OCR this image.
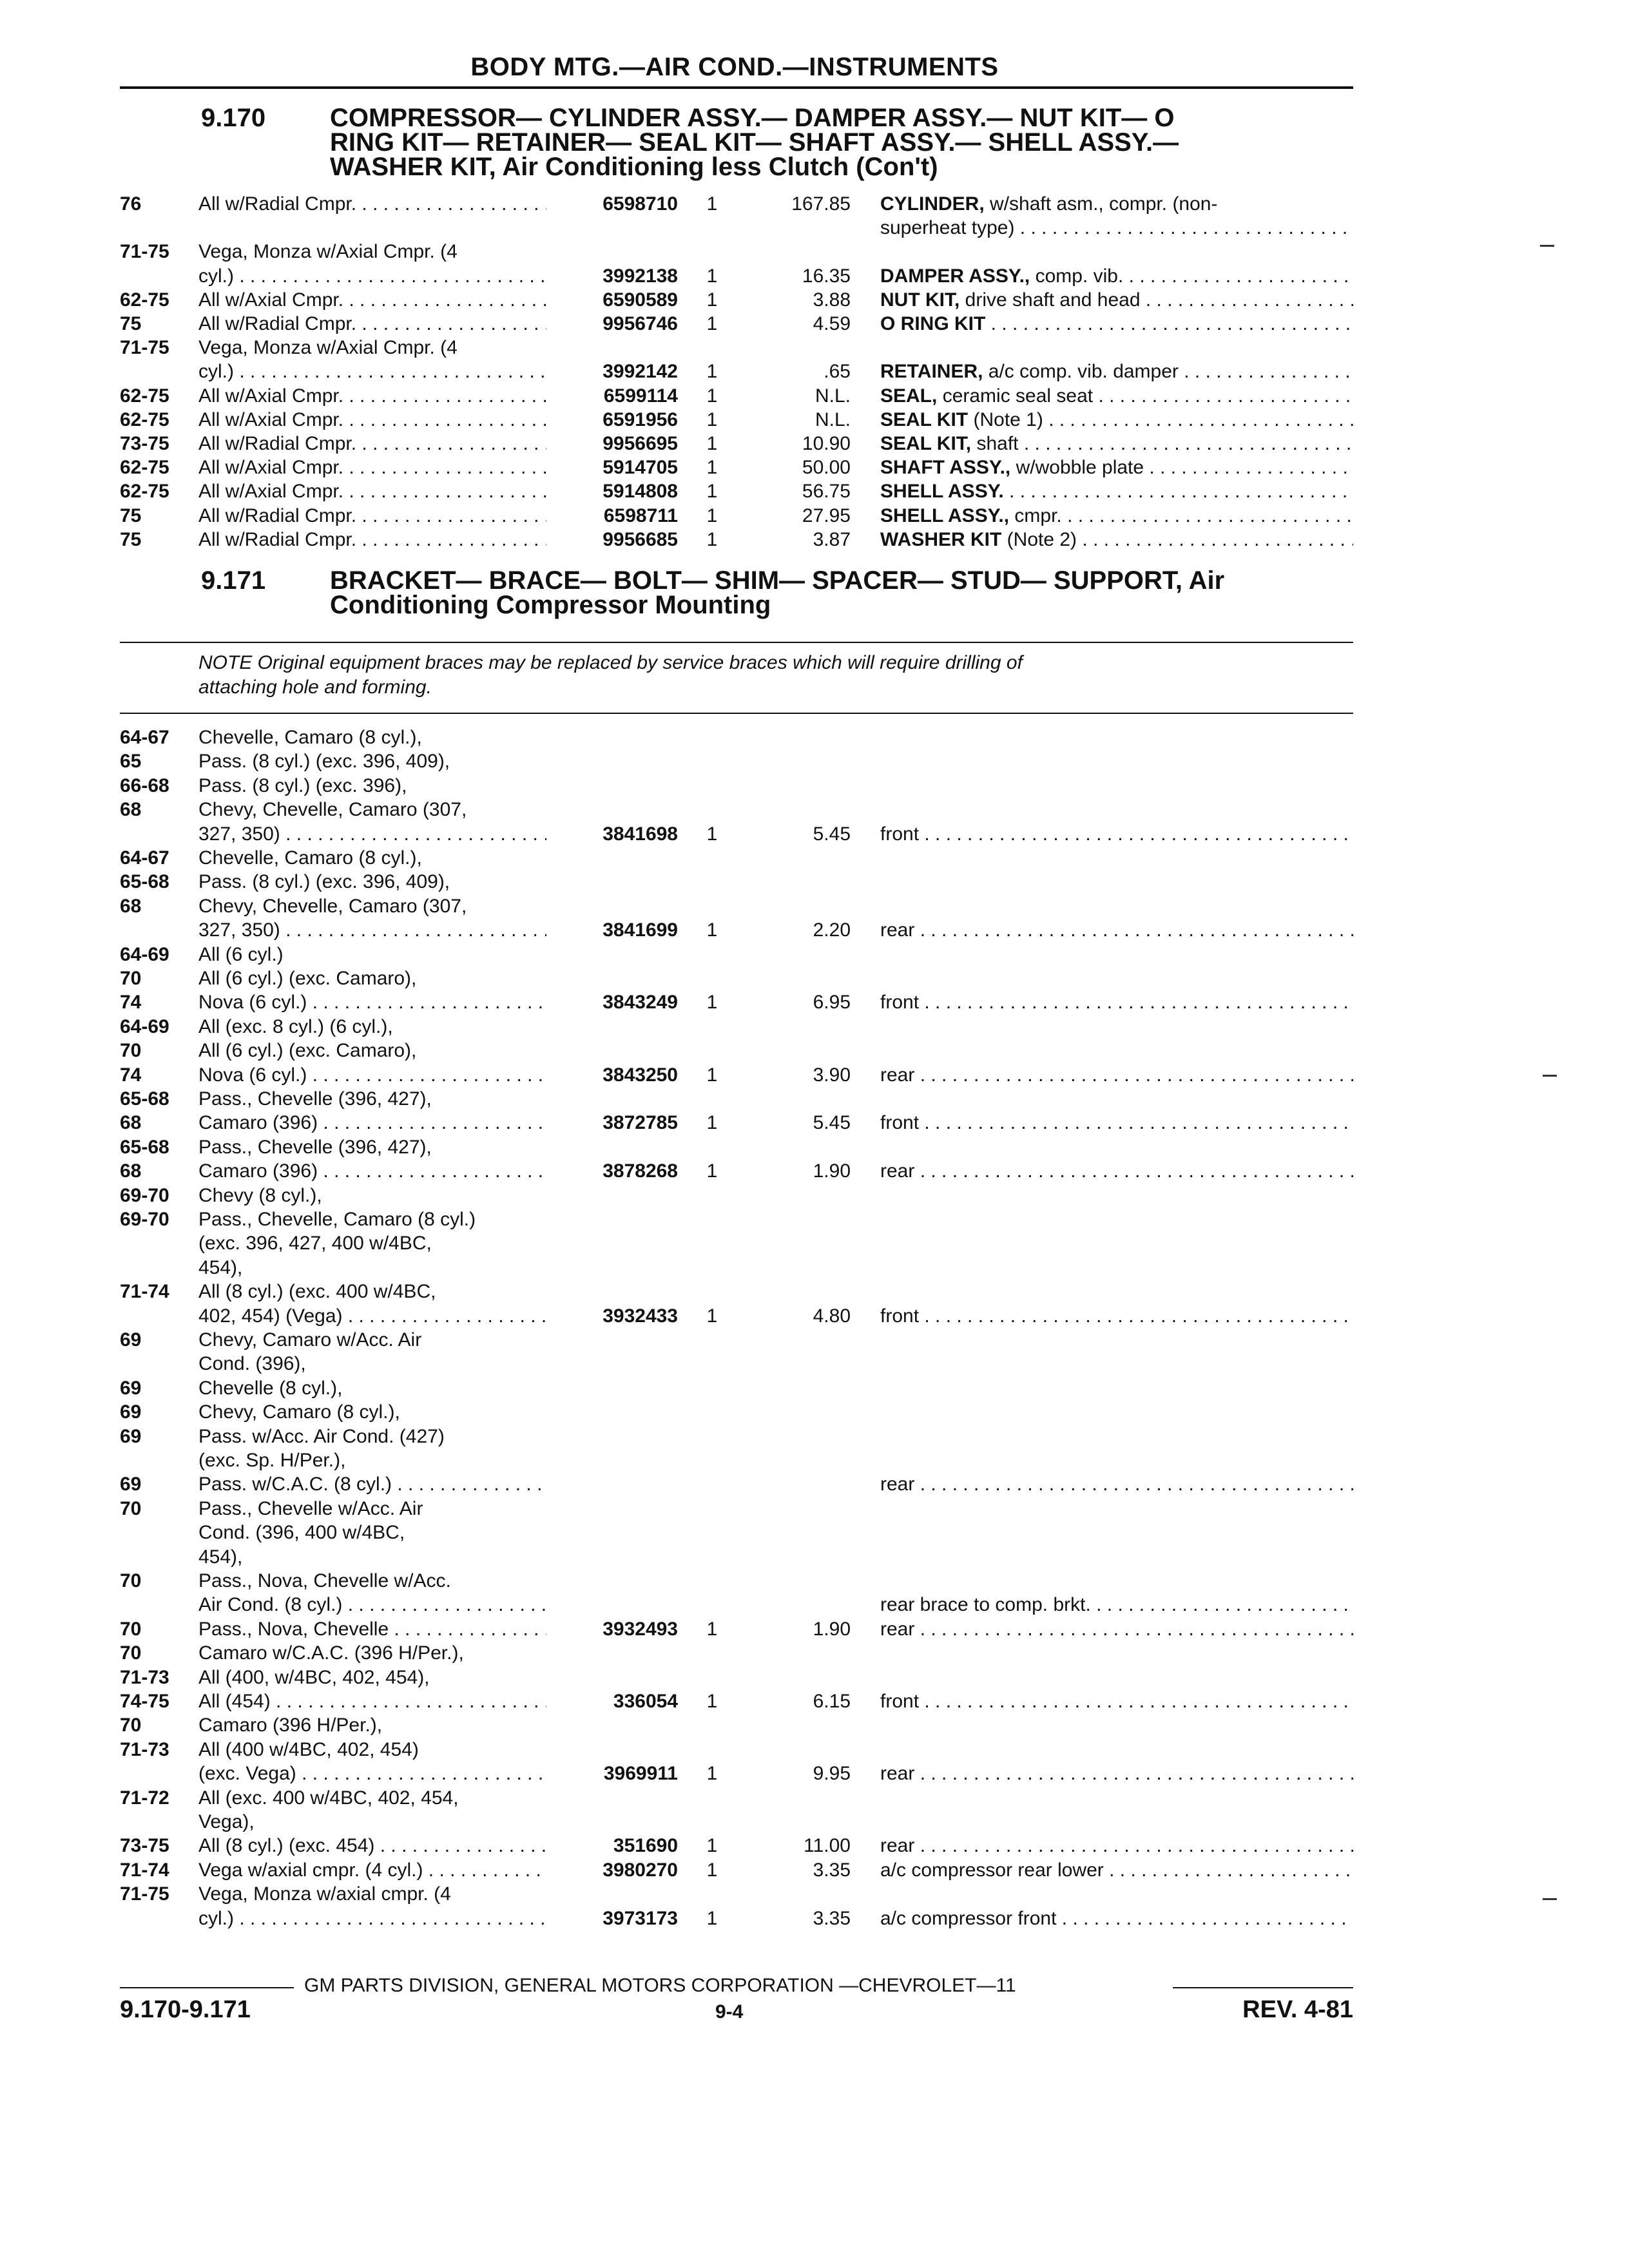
BODY MTG.—AIR COND.—INSTRUMENTS
9.170 COMPRESSOR— CYLINDER ASSY.— DAMPER ASSY.— NUT KIT— O
RING KIT— RETAINER— SEAL KIT— SHAFT ASSY.— SHELL ASSY.—
WASHER KIT, Air Conditioning less Clutch (Con't)
76	All w/Radial Cmpr. . . .	6598710 1	167.85 CYLINDER, w/shaft asm., compr. (non-
superheat type) . . .
71-75 Vega, Monza w/Axial Cmpr. (4
cyl.) . . .	3992138 1	16.35 DAMPER ASSY., comp. vib. . . .
62-75 All w/Axial Cmpr. . . .	6590589 1	3.88 NUT KIT, drive shaft and head . . .
75	All w/Radial Cmpr. . . .	9956746 1	4.59 O RING KIT . . .
71-75 Vega, Monza w/Axial Cmpr. (4
cyl.) . . .	3992142 1	.65 RETAINER, a/c comp. vib. damper . . .
62-75 All w/Axial Cmpr. . . .	6599114 1	N.L. SEAL, ceramic seal seat . . .
62-75 All w/Axial Cmpr. . . .	6591956 1	N.L. SEAL KIT (Note 1) . . .
73-75 All w/Radial Cmpr. . . .	9956695 1	10.90 SEAL KIT, shaft . . .
62-75 All w/Axial Cmpr. . . .	5914705 1	50.00 SHAFT ASSY., w/wobble plate . . .
62-75 All w/Axial Cmpr. . . .	5914808 1	56.75 SHELL ASSY. . . .
75	All w/Radial Cmpr. . . .	6598711 1	27.95 SHELL ASSY., cmpr. . . .
75	All w/Radial Cmpr. . . .	9956685 1	3.87 WASHER KIT (Note 2) . . .
9.171 BRACKET— BRACE— BOLT— SHIM— SPACER— STUD— SUPPORT, Air
Conditioning Compressor Mounting
NOTE Original equipment braces may be replaced by service braces which will require drilling of
attaching hole and forming.
64-67 Chevelle, Camaro (8 cyl.),
65	Pass. (8 cyl.) (exc. 396, 409),
66-68 Pass. (8 cyl.) (exc. 396),
68	Chevy, Chevelle, Camaro (307,
327, 350) . . .	3841698 1	5.45 front . . .
64-67 Chevelle, Camaro (8 cyl.),
65-68 Pass. (8 cyl.) (exc. 396, 409),
68	Chevy, Chevelle, Camaro (307,
327, 350) . . .	3841699 1	2.20 rear . . .
64-69 All (6 cyl.)
70	All (6 cyl.) (exc. Camaro),
74	Nova (6 cyl.) . . .	3843249 1	6.95 front . . .
64-69 All (exc. 8 cyl.) (6 cyl.),
70	All (6 cyl.) (exc. Camaro),
74	Nova (6 cyl.) . . .	3843250 1	3.90 rear . . .
65-68 Pass., Chevelle (396, 427),
68	Camaro (396) . . .	3872785 1	5.45 front . . .
65-68 Pass., Chevelle (396, 427),
68	Camaro (396) . . .	3878268 1	1.90 rear . . .
69-70 Chevy (8 cyl.),
69-70 Pass., Chevelle, Camaro (8 cyl.)
(exc. 396, 427, 400 w/4BC,
454),
71-74 All (8 cyl.) (exc. 400 w/4BC,
402, 454) (Vega) . . .	3932433 1	4.80 front . . .
69	Chevy, Camaro w/Acc. Air
Cond. (396),
69	Chevelle (8 cyl.),
69	Chevy, Camaro (8 cyl.),
69	Pass. w/Acc. Air Cond. (427)
(exc. Sp. H/Per.),
69	Pass. w/C.A.C. (8 cyl.) . . .	rear . . .
70	Pass., Chevelle w/Acc. Air
Cond. (396, 400 w/4BC,
454),
70	Pass., Nova, Chevelle w/Acc.
Air Cond. (8 cyl.) . . .	rear brace to comp. brkt. . . .
70	Pass., Nova, Chevelle . . .	3932493 1	1.90 rear . . .
70	Camaro w/C.A.C. (396 H/Per.),
71-73 All (400, w/4BC, 402, 454),
74-75 All (454) . . .	336054 1	6.15 front . . .
70	Camaro (396 H/Per.),
71-73 All (400 w/4BC, 402, 454)
(exc. Vega) . . .	3969911 1	9.95 rear . . .
71-72 All (exc. 400 w/4BC, 402, 454,
Vega),
73-75 All (8 cyl.) (exc. 454) . . .	351690 1	11.00 rear . . .
71-74 Vega w/axial cmpr. (4 cyl.) . . .	3980270 1	3.35 a/c compressor rear lower . . .
71-75 Vega, Monza w/axial cmpr. (4
cyl.) . . .	3973173 1	3.35 a/c compressor front . . .
GM PARTS DIVISION, GENERAL MOTORS CORPORATION —CHEVROLET—11
9.170-9.171	9-4	REV. 4-81
